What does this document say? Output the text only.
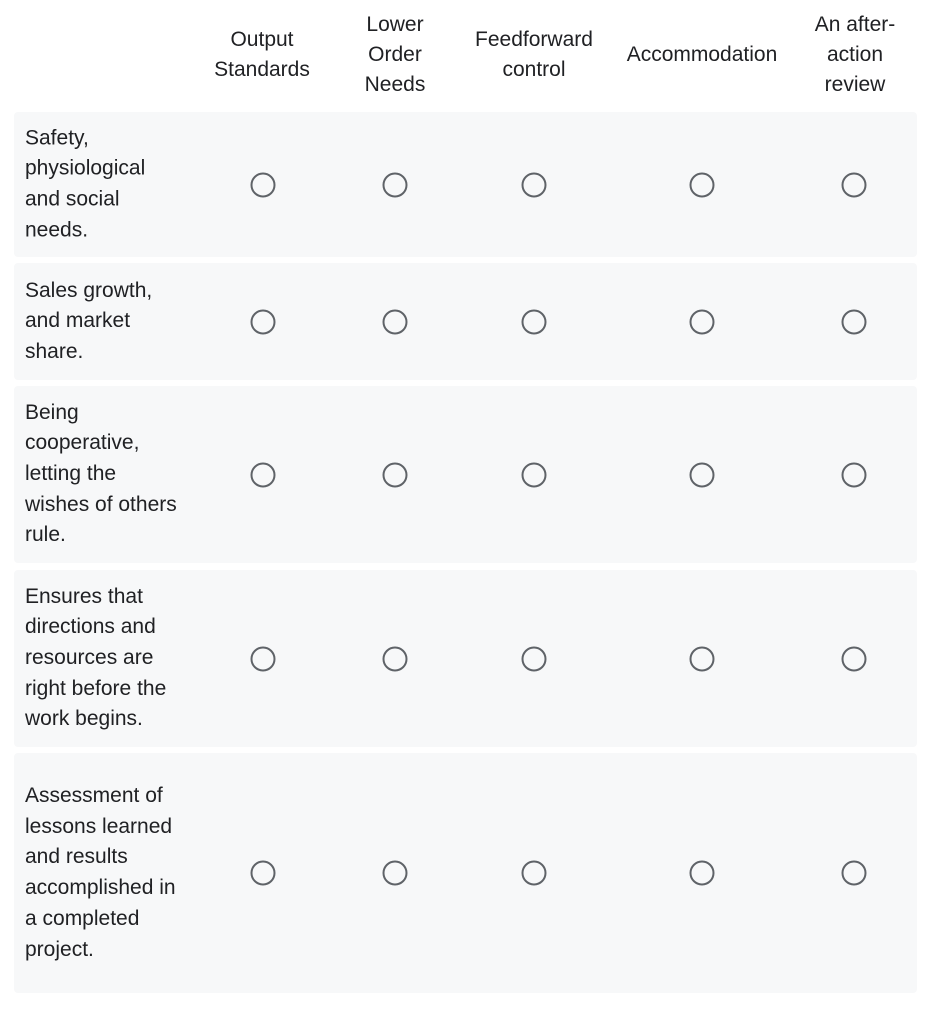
Output Standards
Lower Order Needs
Feedforward control
Accommodation
An after-action review
Safety, physiological and social needs.
Sales growth, and market share.
Being cooperative, letting the wishes of others rule.
Ensures that directions and resources are right before the work begins.
Assessment of lessons learned and results accomplished in a completed project.
